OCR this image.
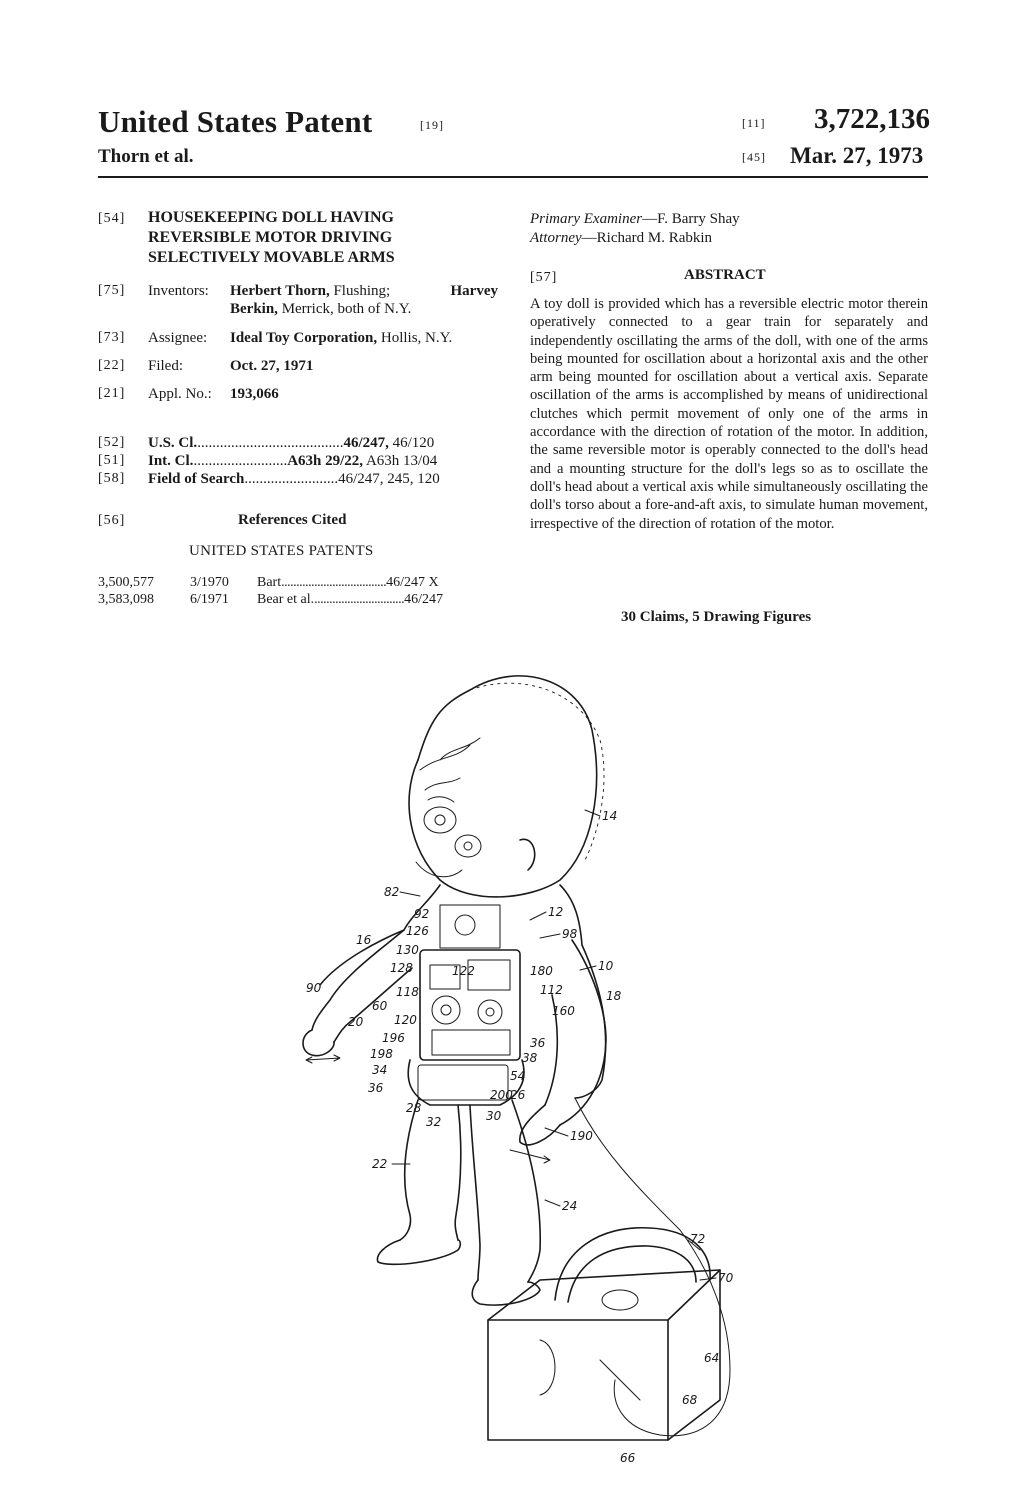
United States Patent	[19]
Thorn et al.
[11] 3,722,136
[45] Mar. 27, 1973
[54] HOUSEKEEPING DOLL HAVING
REVERSIBLE MOTOR DRIVING
SELECTIVELY MOVABLE ARMS
[75] Inventors: Herbert Thorn, Flushing;	Harvey
Berkin, Merrick, both of N.Y.
[73] Assignee: Ideal Toy Corporation, Hollis, N.Y.
[22] Filed:	Oct. 27, 1971
[21] Appl. No.: 193,066
[52] U.S. Cl........................................46/247, 46/120
[51] Int. Cl..........................A63h 29/22, A63h 13/04
[58] Field of Search.........................46/247, 245, 120
[56]	References Cited
UNITED STATES PATENTS
3,500,577	3/1970 Bart...................................46/247 X
3,583,098	6/1971 Bear et al...............................46/247
Primary Examiner—F. Barry Shay
Attorney—Richard M. Rabkin
[57]	ABSTRACT
A toy doll is provided which has a reversible electric motor therein operatively connected to a gear train for separately and independently oscillating the arms of the doll, with one of the arms being mounted for oscillation about a horizontal axis and the other arm being mounted for oscillation about a vertical axis. Separate oscillation of the arms is accomplished by means of unidirectional clutches which permit movement of only one of the arms in accordance with the direction of rotation of the motor. In addition, the same reversible motor is operably connected to the doll's head and a mounting structure for the doll's legs so as to oscillate the doll's head about a vertical axis while simultaneously oscillating the doll's torso about a fore-and-aft axis, to simulate human movement, irrespective of the direction of rotation of the motor.
30 Claims, 5 Drawing Figures
14
82
92
126
16
130
128	122
12
98
180	10
112	18
160
90	118
60
20	120
196	36
38
198
34	54
36	200
26
28
30
32
190
22
24
72
70
64
68
66
